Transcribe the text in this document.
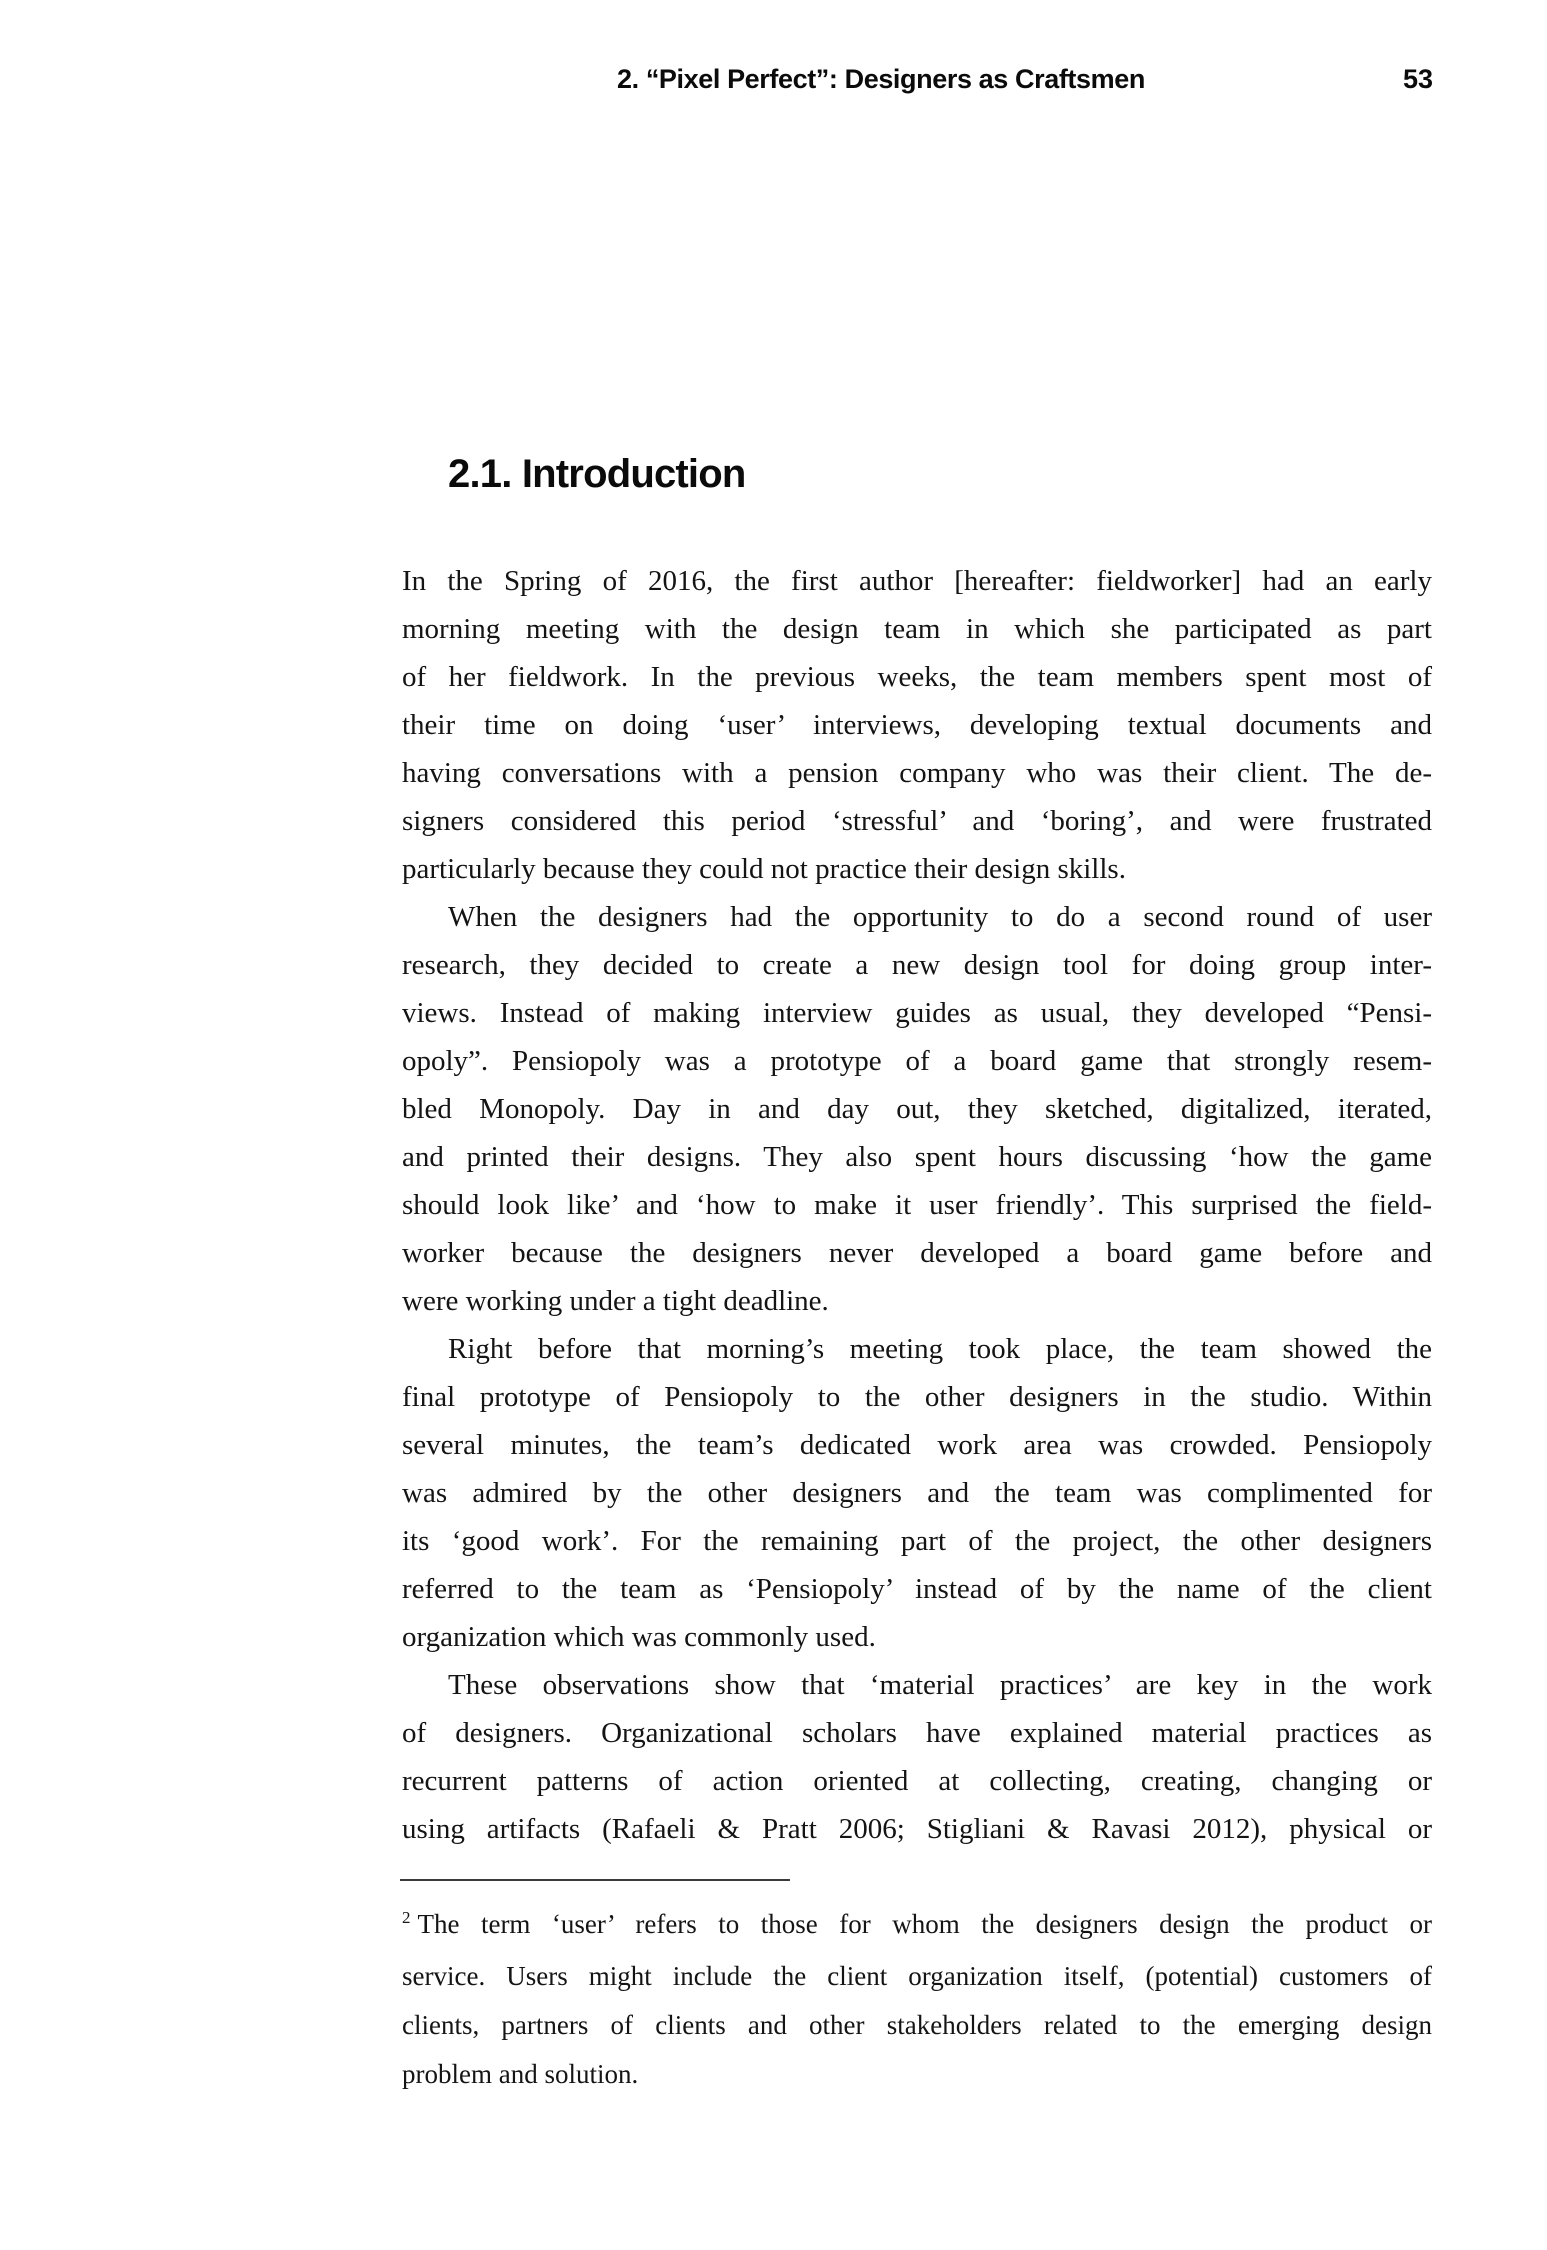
2. “Pixel Perfect”: Designers as Craftsmen	53
2.1. Introduction

In the Spring of 2016, the first author [hereafter: fieldworker] had an early
morning meeting with the design team in which she participated as part
of her fieldwork. In the previous weeks, the team members spent most of
their time on doing ‘user’ interviews, developing textual documents and
having conversations with a pension company who was their client. The de-
signers considered this period ‘stressful’ and ‘boring’, and were frustrated
particularly because they could not practice their design skills.

When the designers had the opportunity to do a second round of user
research, they decided to create a new design tool for doing group inter-
views. Instead of making interview guides as usual, they developed “Pensi-
opoly”. Pensiopoly was a prototype of a board game that strongly resem-
bled Monopoly. Day in and day out, they sketched, digitalized, iterated,
and printed their designs. They also spent hours discussing ‘how the game
should look like’ and ‘how to make it user friendly’. This surprised the field-
worker because the designers never developed a board game before and
were working under a tight deadline.

Right before that morning’s meeting took place, the team showed the
final prototype of Pensiopoly to the other designers in the studio. Within
several minutes, the team’s dedicated work area was crowded. Pensiopoly
was admired by the other designers and the team was complimented for
its ‘good work’. For the remaining part of the project, the other designers
referred to the team as ‘Pensiopoly’ instead of by the name of the client
organization which was commonly used.

These observations show that ‘material practices’ are key in the work
of designers. Organizational scholars have explained material practices as
recurrent patterns of action oriented at collecting, creating, changing or
using artifacts (Rafaeli & Pratt 2006; Stigliani & Ravasi 2012), physical or

2 The term ‘user’ refers to those for whom the designers design the product or
service. Users might include the client organization itself, (potential) customers of
clients, partners of clients and other stakeholders related to the emerging design
problem and solution.
